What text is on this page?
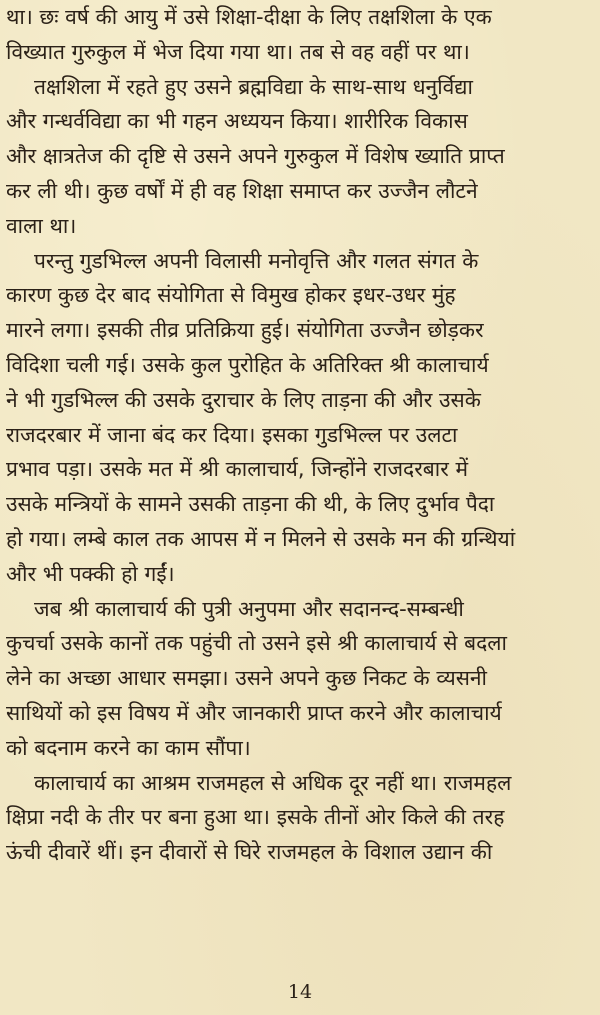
था। छः वर्ष की आयु में उसे शिक्षा-दीक्षा के लिए तक्षशिला के एक
विख्यात गुरुकुल में भेज दिया गया था। तब से वह वहीं पर था।
तक्षशिला में रहते हुए उसने ब्रह्मविद्या के साथ-साथ धनुर्विद्या
और गन्धर्वविद्या का भी गहन अध्ययन किया। शारीरिक विकास
और क्षात्रतेज की दृष्टि से उसने अपने गुरुकुल में विशेष ख्याति प्राप्त
कर ली थी। कुछ वर्षों में ही वह शिक्षा समाप्त कर उज्जैन लौटने
वाला था।
परन्तु गुडभिल्ल अपनी विलासी मनोवृत्ति और गलत संगत के
कारण कुछ देर बाद संयोगिता से विमुख होकर इधर-उधर मुंह
मारने लगा। इसकी तीव्र प्रतिक्रिया हुई। संयोगिता उज्जैन छोड़कर
विदिशा चली गई। उसके कुल पुरोहित के अतिरिक्त श्री कालाचार्य
ने भी गुडभिल्ल की उसके दुराचार के लिए ताड़ना की और उसके
राजदरबार में जाना बंद कर दिया। इसका गुडभिल्ल पर उलटा
प्रभाव पड़ा। उसके मत में श्री कालाचार्य, जिन्होंने राजदरबार में
उसके मन्त्रियों के सामने उसकी ताड़ना की थी, के लिए दुर्भाव पैदा
हो गया। लम्बे काल तक आपस में न मिलने से उसके मन की ग्रन्थियां
और भी पक्की हो गईं।
जब श्री कालाचार्य की पुत्री अनुपमा और सदानन्द-सम्बन्धी
कुचर्चा उसके कानों तक पहुंची तो उसने इसे श्री कालाचार्य से बदला
लेने का अच्छा आधार समझा। उसने अपने कुछ निकट के व्यसनी
साथियों को इस विषय में और जानकारी प्राप्त करने और कालाचार्य
को बदनाम करने का काम सौंपा।
कालाचार्य का आश्रम राजमहल से अधिक दूर नहीं था। राजमहल
क्षिप्रा नदी के तीर पर बना हुआ था। इसके तीनों ओर किले की तरह
ऊंची दीवारें थीं। इन दीवारों से घिरे राजमहल के विशाल उद्यान की
14
